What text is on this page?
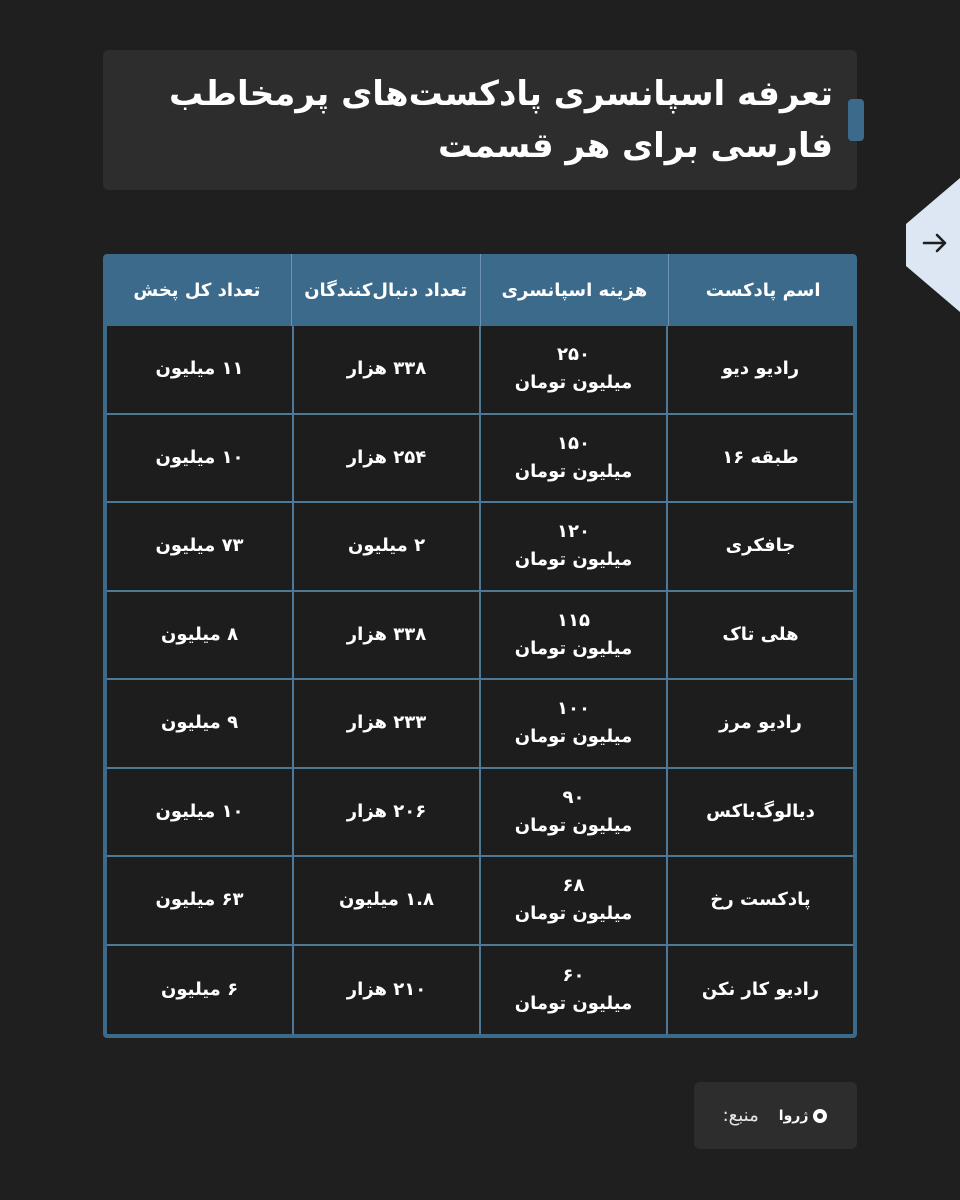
تعرفه اسپانسری پادکست‌های پرمخاطب
فارسی برای هر قسمت
اسم پادکست
هزینه اسپانسری
تعداد دنبال‌کنندگان
تعداد کل پخش
رادیو دیو
۲۵۰
میلیون تومان
۳۳۸ هزار
۱۱ میلیون
طبقه ۱۶
۱۵۰
میلیون تومان
۲۵۴ هزار
۱۰ میلیون
جافکری
۱۲۰
میلیون تومان
۲ میلیون
۷۳ میلیون
هلی تاک
۱۱۵
میلیون تومان
۳۳۸ هزار
۸ میلیون
رادیو مرز
۱۰۰
میلیون تومان
۲۳۳ هزار
۹ میلیون
دیالوگ‌باکس
۹۰
میلیون تومان
۲۰۶ هزار
۱۰ میلیون
پادکست رخ
۶۸
میلیون تومان
۱.۸ میلیون
۶۳ میلیون
رادیو کار نکن
۶۰
میلیون تومان
۲۱۰ هزار
۶ میلیون
منبع: ژروا
